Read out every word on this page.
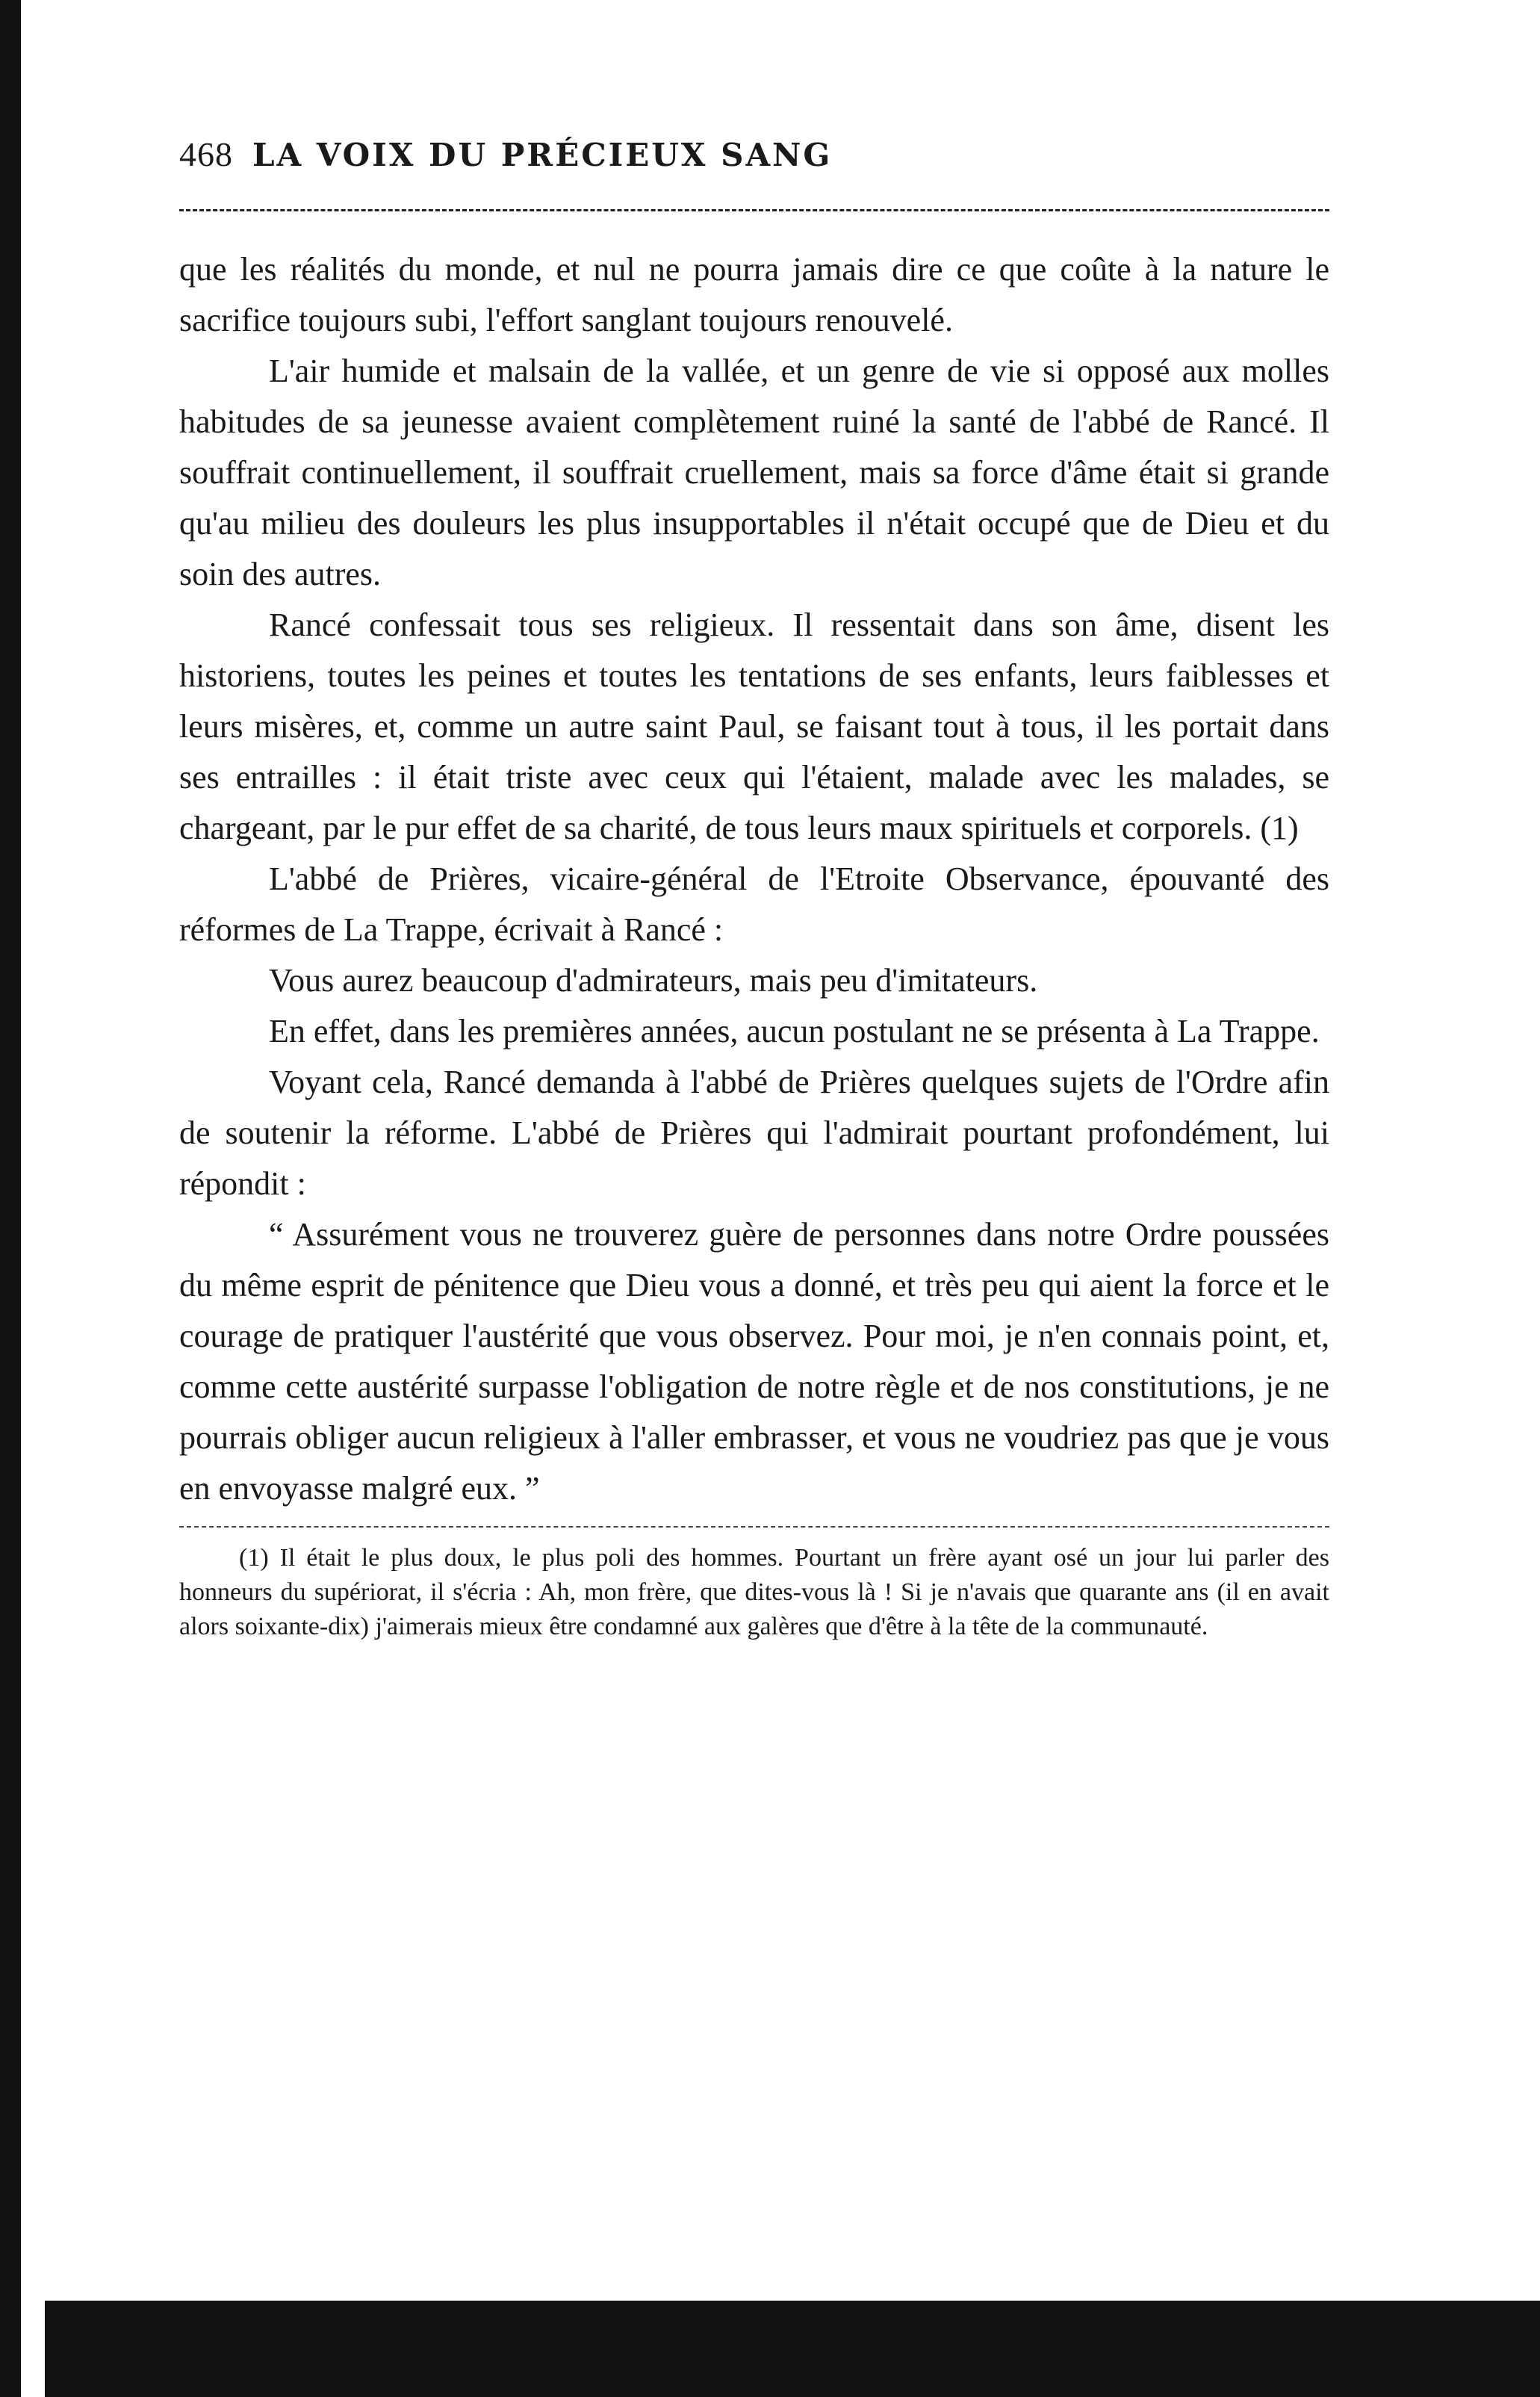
468 LA VOIX DU PRÉCIEUX SANG

que les réalités du monde, et nul ne pourra jamais dire ce que coûte à la nature le sacrifice toujours subi, l'effort sanglant toujours renouvelé.

L'air humide et malsain de la vallée, et un genre de vie si opposé aux molles habitudes de sa jeunesse avaient complètement ruiné la santé de l'abbé de Rancé. Il souffrait continuellement, il souffrait cruellement, mais sa force d'âme était si grande qu'au milieu des douleurs les plus insupportables il n'était occupé que de Dieu et du soin des autres.

Rancé confessait tous ses religieux. Il ressentait dans son âme, disent les historiens, toutes les peines et toutes les tentations de ses enfants, leurs faiblesses et leurs misères, et, comme un autre saint Paul, se faisant tout à tous, il les portait dans ses entrailles : il était triste avec ceux qui l'étaient, malade avec les malades, se chargeant, par le pur effet de sa charité, de tous leurs maux spirituels et corporels. (1)

L'abbé de Prières, vicaire-général de l'Etroite Observance, épouvanté des réformes de La Trappe, écrivait à Rancé :

Vous aurez beaucoup d'admirateurs, mais peu d'imitateurs.

En effet, dans les premières années, aucun postulant ne se présenta à La Trappe.

Voyant cela, Rancé demanda à l'abbé de Prières quelques sujets de l'Ordre afin de soutenir la réforme. L'abbé de Prières qui l'admirait pourtant profondément, lui répondit :

“ Assurément vous ne trouverez guère de personnes dans notre Ordre poussées du même esprit de pénitence que Dieu vous a donné, et très peu qui aient la force et le courage de pratiquer l'austérité que vous observez. Pour moi, je n'en connais point, et, comme cette austérité surpasse l'obligation de notre règle et de nos constitutions, je ne pourrais obliger aucun religieux à l'aller embrasser, et vous ne voudriez pas que je vous en envoyasse malgré eux. ”

(1) Il était le plus doux, le plus poli des hommes. Pourtant un frère ayant osé un jour lui parler des honneurs du supériorat, il s'écria : Ah, mon frère, que dites-vous là ! Si je n'avais que quarante ans (il en avait alors soixante-dix) j'aimerais mieux être condamné aux galères que d'être à la tête de la communauté.
